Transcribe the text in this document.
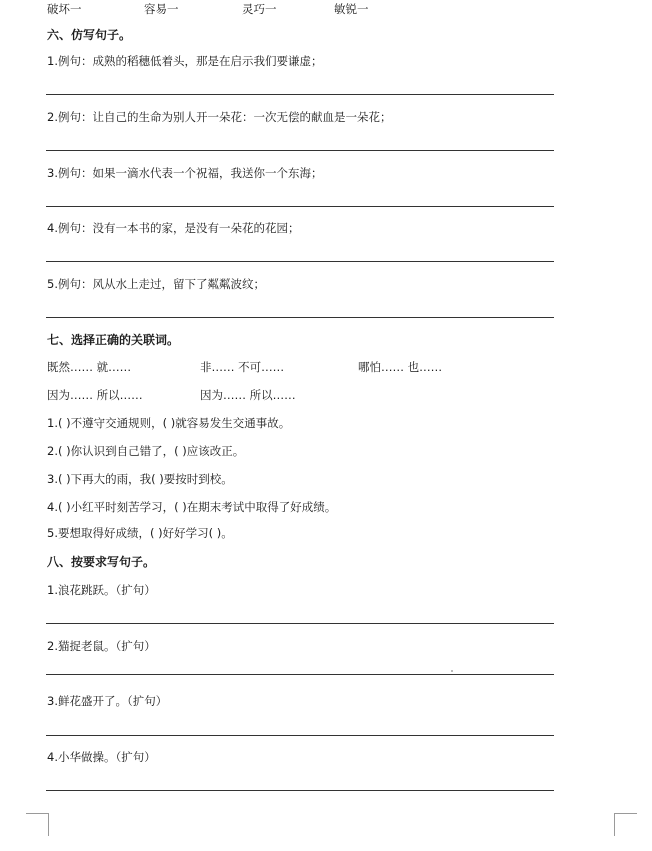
破坏一	容易一	灵巧一	敏锐一
六、仿写句子。
1.例句：成熟的稻穗低着头，那是在启示我们要谦虚；
2.例句：让自己的生命为别人开一朵花：一次无偿的献血是一朵花；
3.例句：如果一滴水代表一个祝福，我送你一个东海；
4.例句：没有一本书的家，是没有一朵花的花园；
5.例句：风从水上走过，留下了粼粼波纹；
七、选择正确的关联词。
既然…… 就……	非…… 不可……	哪怕…… 也……
因为…… 所以……	因为…… 所以……
1.( )不遵守交通规则，( )就容易发生交通事故。
2.( )你认识到自己错了，( )应该改正。
3.( )下再大的雨，我( )要按时到校。
4.( )小红平时刻苦学习，( )在期末考试中取得了好成绩。
5.要想取得好成绩，( )好好学习( )。
八、按要求写句子。
1.浪花跳跃。（扩句）
2.猫捉老鼠。（扩句）
3.鲜花盛开了。（扩句）
4.小华做操。（扩句）
